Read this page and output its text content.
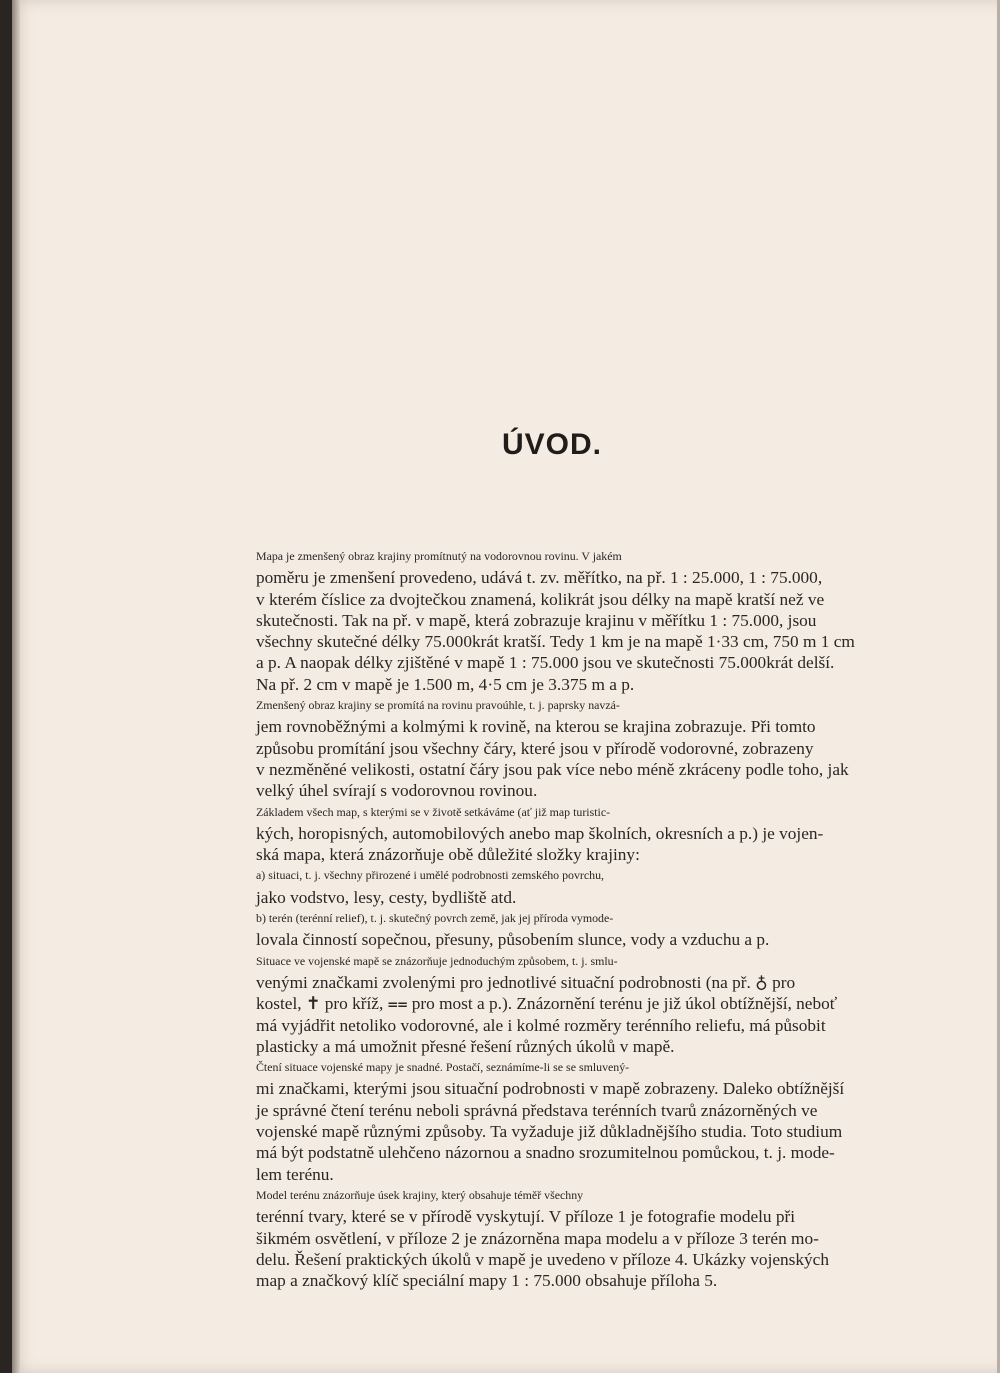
ÚVOD.

Mapa je zmenšený obraz krajiny promítnutý na vodorovnou rovinu. V jakém
poměru je zmenšení provedeno, udává t. zv. měřítko, na př. 1 : 25.000, 1 : 75.000,
v kterém číslice za dvojtečkou znamená, kolikrát jsou délky na mapě kratší než ve
skutečnosti. Tak na př. v mapě, která zobrazuje krajinu v měřítku 1 : 75.000, jsou
všechny skutečné délky 75.000krát kratší. Tedy 1 km je na mapě 1·33 cm, 750 m 1 cm
a p. A naopak délky zjištěné v mapě 1 : 75.000 jsou ve skutečnosti 75.000krát delší.
Na př. 2 cm v mapě je 1.500 m, 4·5 cm je 3.375 m a p.

Zmenšený obraz krajiny se promítá na rovinu pravoúhle, t. j. paprsky navzá-
jem rovnoběžnými a kolmými k rovině, na kterou se krajina zobrazuje. Při tomto
způsobu promítání jsou všechny čáry, které jsou v přírodě vodorovné, zobrazeny
v nezměněné velikosti, ostatní čáry jsou pak více nebo méně zkráceny podle toho, jak
velký úhel svírají s vodorovnou rovinou.

Základem všech map, s kterými se v životě setkáváme (ať již map turistic-
kých, horopisných, automobilových anebo map školních, okresních a p.) je vojen-
ská mapa, která znázorňuje obě důležité složky krajiny:

a) situaci, t. j. všechny přirozené i umělé podrobnosti zemského povrchu,
jako vodstvo, lesy, cesty, bydliště atd.

b) terén (terénní relief), t. j. skutečný povrch země, jak jej příroda vymode-
lovala činností sopečnou, přesuny, působením slunce, vody a vzduchu a p.

Situace ve vojenské mapě se znázorňuje jednoduchým způsobem, t. j. smlu-
venými značkami zvolenými pro jednotlivé situační podrobnosti (na př. ♁ pro
kostel, ✝ pro kříž, ⩵ pro most a p.). Znázornění terénu je již úkol obtížnější, neboť
má vyjádřit netoliko vodorovné, ale i kolmé rozměry terénního reliefu, má působit
plasticky a má umožnit přesné řešení různých úkolů v mapě.

Čtení situace vojenské mapy je snadné. Postačí, seznámíme-li se se smluvený-
mi značkami, kterými jsou situační podrobnosti v mapě zobrazeny. Daleko obtížnější
je správné čtení terénu neboli správná představa terénních tvarů znázorněných ve
vojenské mapě různými způsoby. Ta vyžaduje již důkladnějšího studia. Toto studium
má být podstatně ulehčeno názornou a snadno srozumitelnou pomůckou, t. j. mode-
lem terénu.

Model terénu znázorňuje úsek krajiny, který obsahuje téměř všechny
terénní tvary, které se v přírodě vyskytují. V příloze 1 je fotografie modelu při
šikmém osvětlení, v příloze 2 je znázorněna mapa modelu a v příloze 3 terén mo-
delu. Řešení praktických úkolů v mapě je uvedeno v příloze 4. Ukázky vojenských
map a značkový klíč speciální mapy 1 : 75.000 obsahuje příloha 5.
